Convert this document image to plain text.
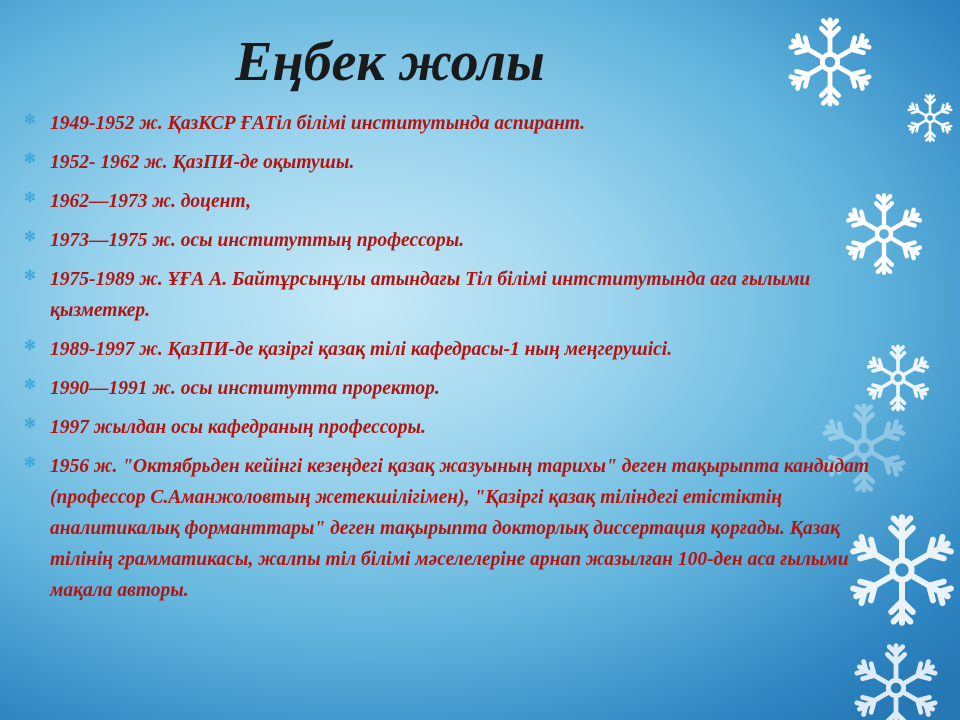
Еңбек жолы
✻ 1949-1952 ж. ҚазКСР ҒАТіл білімі институтында аспирант.
✻ 1952- 1962 ж. ҚазПИ-де оқытушы.
✻ 1962—1973 ж. доцент,
✻ 1973—1975 ж. осы институттың профессоры.
✻ 1975-1989 ж. ҰҒА А. Байтұрсынұлы атындағы Тіл білімі интститутында аға ғылыми қызметкер.
✻ 1989-1997 ж. ҚазПИ-де қазіргі қазақ тілі кафедрасы-1 ның меңгерушісі.
✻ 1990—1991 ж. осы институтта проректор.
✻ 1997 жылдан осы кафедраның профессоры.
✻ 1956 ж. "Октябрьден кейінгі кезеңдегі қазақ жазуының тарихы" деген тақырыпта кандидат (профессор С.Аманжоловтың жетекшілігімен), "Қазіргі қазақ тіліндегі етістіктің аналитикалық форманттары" деген тақырыпта докторлық диссертация қорғады. Қазақ тілінің грамматикасы, жалпы тіл білімі мәселелеріне арнап жазылған 100-ден аса ғылыми мақала авторы.
